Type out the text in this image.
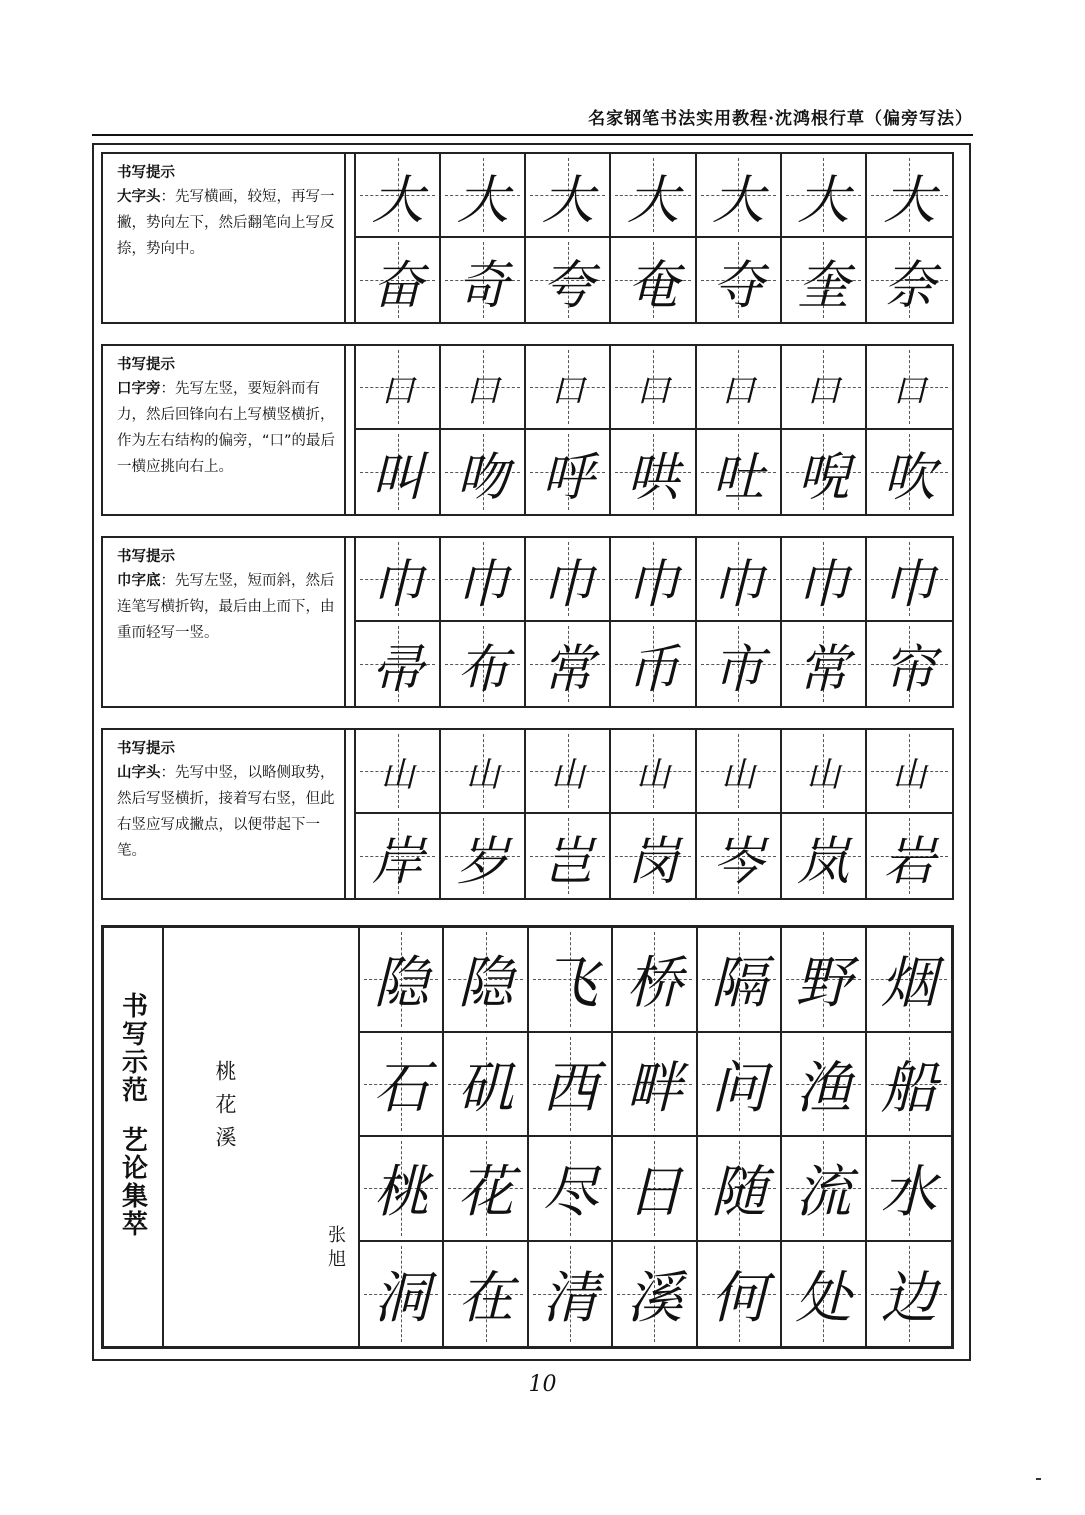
名家钢笔书法实用教程·沈鸿根行草（偏旁写法）
书写提示
大字头：先写横画，较短，再写一撇，势向左下，然后翻笔向上写反捺，势向中。
大 大 大 大 大 大 大
奋 奇 夸 奄 夺 奎 奈
书写提示
口字旁：先写左竖，要短斜而有力，然后回锋向右上写横竖横折，作为左右结构的偏旁，“口”的最后一横应挑向右上。
口 口 口 口 口 口 口
叫 吻 呼 哄 吐 唲 吹
书写提示
巾字底：先写左竖，短而斜，然后连笔写横折钩，最后由上而下，由重而轻写一竖。
巾 巾 巾 巾 巾 巾 巾
帚 布 常 币 市 常 帘
书写提示
山字头：先写中竖，以略侧取势，然后写竖横折，接着写右竖，但此右竖应写成撇点，以便带起下一笔。
山 山 山 山 山 山 山
岸 岁 岂 岗 岑 岚 岩
书写示范
艺论集萃
桃花溪
张旭
隐 隐 飞 桥 隔 野 烟
石 矶 西 畔 问 渔 船
桃 花 尽 日 随 流 水
洞 在 清 溪 何 处 边
10
